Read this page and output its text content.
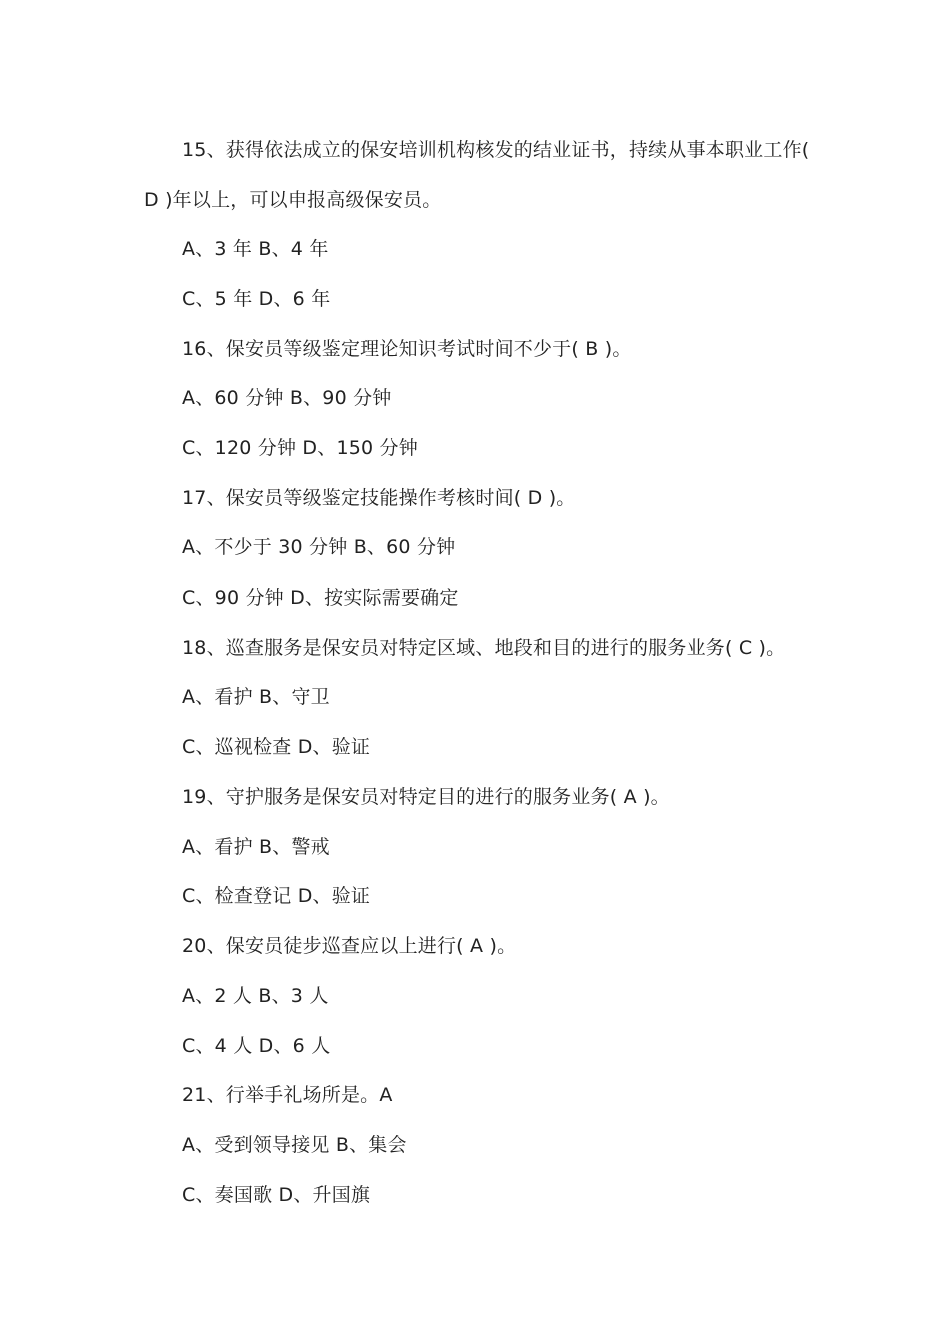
15、获得依法成立的保安培训机构核发的结业证书，持续从事本职业工作(
D )年以上，可以申报高级保安员。
A、3 年 B、4 年
C、5 年 D、6 年
16、保安员等级鉴定理论知识考试时间不少于( B )。
A、60 分钟 B、90 分钟
C、120 分钟 D、150 分钟
17、保安员等级鉴定技能操作考核时间( D )。
A、不少于 30 分钟 B、60 分钟
C、90 分钟 D、按实际需要确定
18、巡查服务是保安员对特定区域、地段和目的进行的服务业务( C )。
A、看护 B、守卫
C、巡视检查 D、验证
19、守护服务是保安员对特定目的进行的服务业务( A )。
A、看护 B、警戒
C、检查登记 D、验证
20、保安员徒步巡查应以上进行( A )。
A、2 人 B、3 人
C、4 人 D、6 人
21、行举手礼场所是。A
A、受到领导接见 B、集会
C、奏国歌 D、升国旗
